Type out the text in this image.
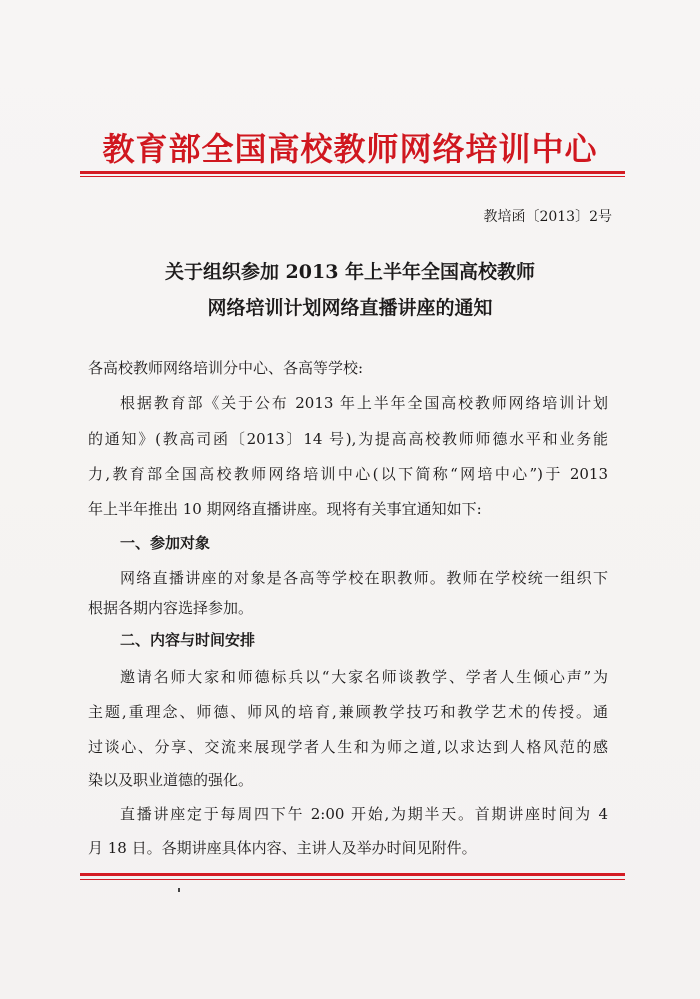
教育部全国高校教师网络培训中心
教培函〔2013〕2号
关于组织参加 2013 年上半年全国高校教师
网络培训计划网络直播讲座的通知
各高校教师网络培训分中心、各高等学校:
根据教育部《关于公布 2013 年上半年全国高校教师网络培训计划
的通知》(教高司函〔2013〕14 号),为提高高校教师师德水平和业务能
力,教育部全国高校教师网络培训中心(以下简称“网培中心”)于 2013
年上半年推出 10 期网络直播讲座。现将有关事宜通知如下:
一、参加对象
网络直播讲座的对象是各高等学校在职教师。教师在学校统一组织下
根据各期内容选择参加。
二、内容与时间安排
邀请名师大家和师德标兵以“大家名师谈教学、学者人生倾心声”为
主题,重理念、师德、师风的培育,兼顾教学技巧和教学艺术的传授。通
过谈心、分享、交流来展现学者人生和为师之道,以求达到人格风范的感
染以及职业道德的强化。
直播讲座定于每周四下午 2:00 开始,为期半天。首期讲座时间为 4
月 18 日。各期讲座具体内容、主讲人及举办时间见附件。
